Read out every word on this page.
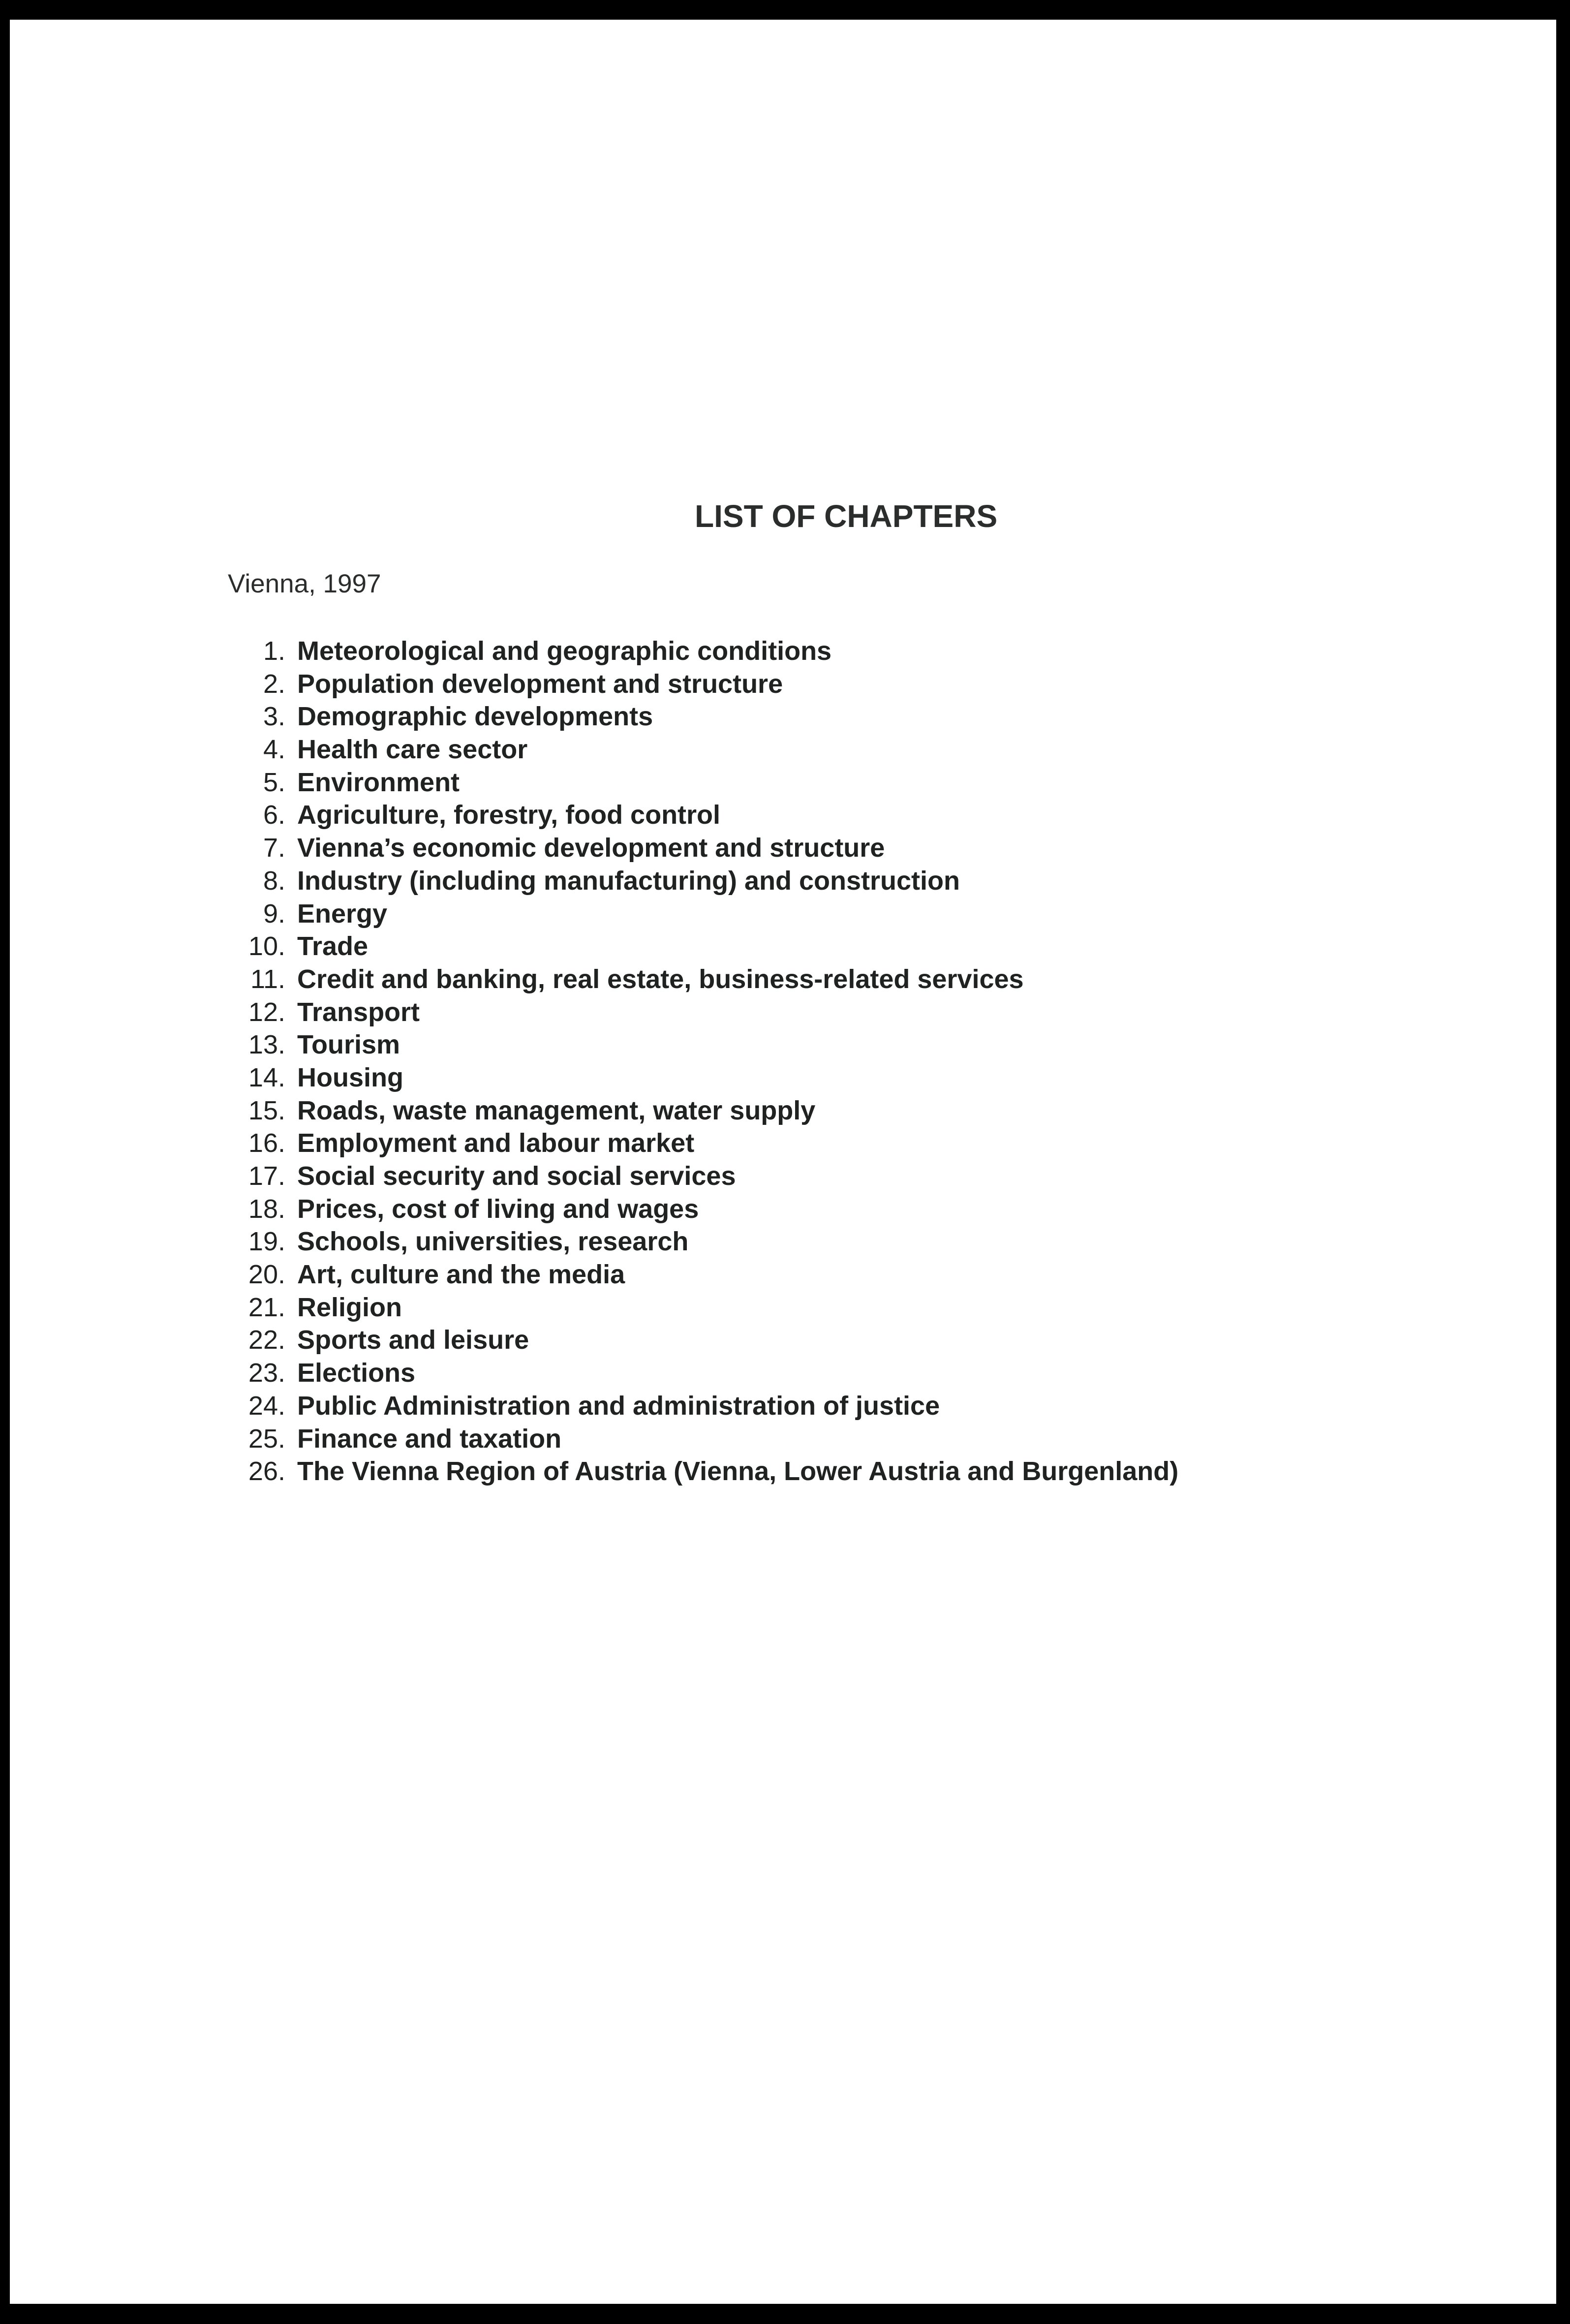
LIST OF CHAPTERS
Vienna, 1997
1. Meteorological and geographic conditions
2. Population development and structure
3. Demographic developments
4. Health care sector
5. Environment
6. Agriculture, forestry, food control
7. Vienna’s economic development and structure
8. Industry (including manufacturing) and construction
9. Energy
10. Trade
11. Credit and banking, real estate, business-related services
12. Transport
13. Tourism
14. Housing
15. Roads, waste management, water supply
16. Employment and labour market
17. Social security and social services
18. Prices, cost of living and wages
19. Schools, universities, research
20. Art, culture and the media
21. Religion
22. Sports and leisure
23. Elections
24. Public Administration and administration of justice
25. Finance and taxation
26. The Vienna Region of Austria (Vienna, Lower Austria and Burgenland)
